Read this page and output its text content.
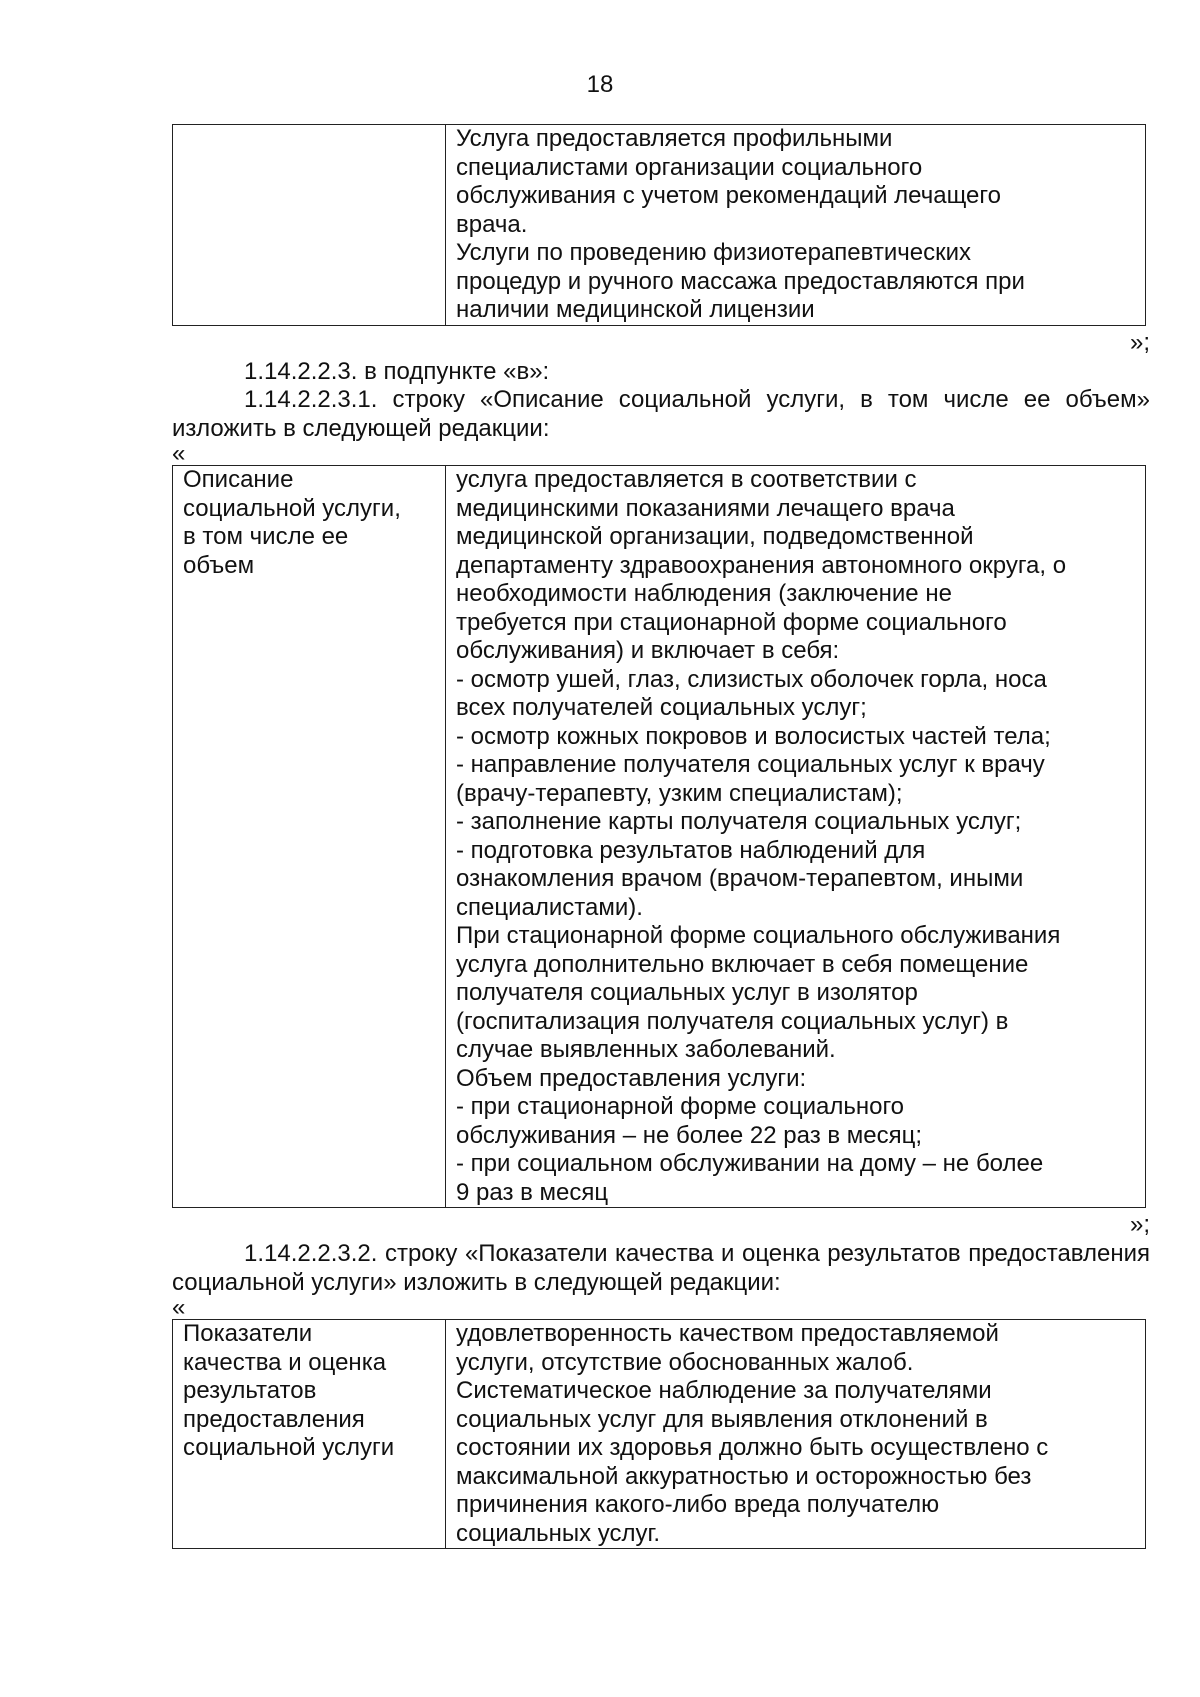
18
	Услуга предоставляется профильными
специалистами организации социального
обслуживания с учетом рекомендаций лечащего
врача.
Услуги по проведению физиотерапевтических
процедур и ручного массажа предоставляются при
наличии медицинской лицензии
»;
1.14.2.2.3. в подпункте «в»:
1.14.2.2.3.1. строку «Описание социальной услуги, в том числе ее объем» изложить в следующей редакции:
«
Описание
социальной услуги,
в том числе ее
объем	услуга предоставляется в соответствии с
медицинскими показаниями лечащего врача
медицинской организации, подведомственной
департаменту здравоохранения автономного округа, о
необходимости наблюдения (заключение не
требуется при стационарной форме социального
обслуживания) и включает в себя:
- осмотр ушей, глаз, слизистых оболочек горла, носа
всех получателей социальных услуг;
- осмотр кожных покровов и волосистых частей тела;
- направление получателя социальных услуг к врачу
(врачу-терапевту, узким специалистам);
- заполнение карты получателя социальных услуг;
- подготовка результатов наблюдений для
ознакомления врачом (врачом-терапевтом, иными
специалистами).
При стационарной форме социального обслуживания
услуга дополнительно включает в себя помещение
получателя социальных услуг в изолятор
(госпитализация получателя социальных услуг) в
случае выявленных заболеваний.
Объем предоставления услуги:
- при стационарной форме социального
обслуживания – не более 22 раз в месяц;
- при социальном обслуживании на дому – не более
9 раз в месяц
»;
1.14.2.2.3.2. строку «Показатели качества и оценка результатов предоставления социальной услуги» изложить в следующей редакции:
«
Показатели
качества и оценка
результатов
предоставления
социальной услуги	удовлетворенность качеством предоставляемой
услуги, отсутствие обоснованных жалоб.
Систематическое наблюдение за получателями
социальных услуг для выявления отклонений в
состоянии их здоровья должно быть осуществлено с
максимальной аккуратностью и осторожностью без
причинения какого-либо вреда получателю
социальных услуг.
